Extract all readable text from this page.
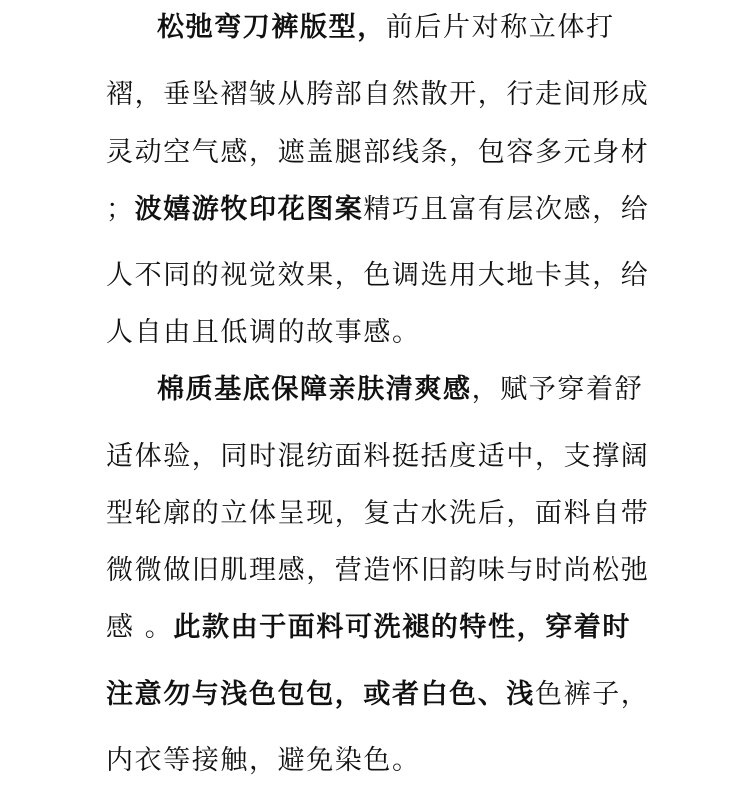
松弛弯刀裤版型，前后片对称立体打
褶，垂坠褶皱从胯部自然散开，行走间形成
灵动空气感，遮盖腿部线条，包容多元身材
；波嬉游牧印花图案精巧且富有层次感，给
人不同的视觉效果，色调选用大地卡其，给
人自由且低调的故事感。
棉质基底保障亲肤清爽感，赋予穿着舒
适体验，同时混纺面料挺括度适中，支撑阔
型轮廓的立体呈现，复古水洗后，面料自带
微微做旧肌理感，营造怀旧韵味与时尚松弛
感 。此款由于面料可洗褪的特性，穿着时
注意勿与浅色包包，或者白色、浅色裤子，
内衣等接触，避免染色。
